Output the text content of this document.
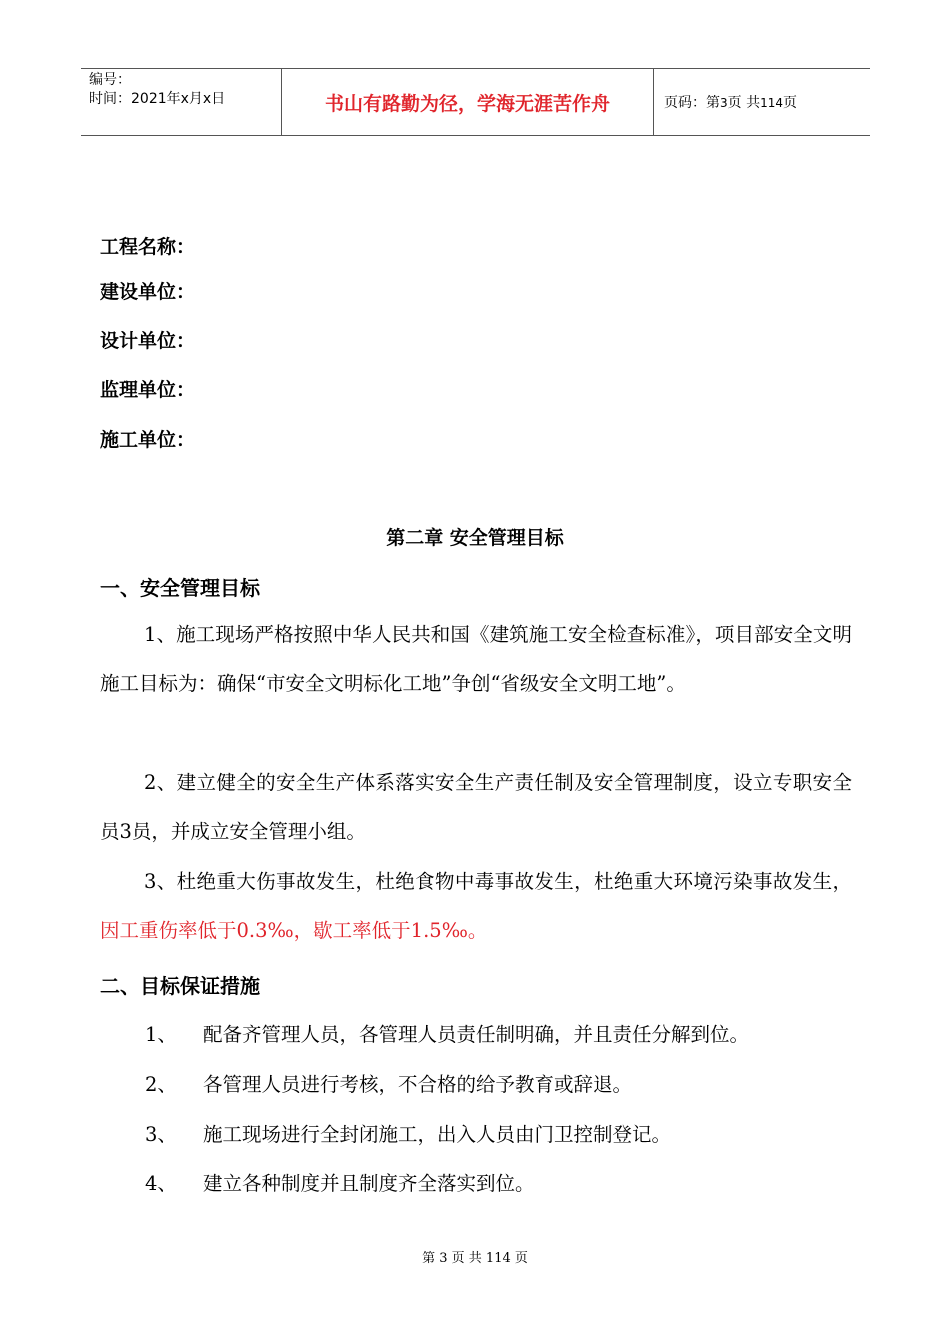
编号：
时间：2021年x月x日	书山有路勤为径，学海无涯苦作舟	页码：第3页 共114页
工程名称：
建设单位：
设计单位：
监理单位：
施工单位：
第二章 安全管理目标
一、安全管理目标
1、施工现场严格按照中华人民共和国《建筑施工安全检查标准》，项目部安全文明施工目标为：确保“市安全文明标化工地”争创“省级安全文明工地”。
2、建立健全的安全生产体系落实安全生产责任制及安全管理制度，设立专职安全员3员，并成立安全管理小组。
3、杜绝重大伤事故发生，杜绝食物中毒事故发生，杜绝重大环境污染事故发生，因工重伤率低于0.3‰，歇工率低于1.5‰。
二、目标保证措施
1、 配备齐管理人员，各管理人员责任制明确，并且责任分解到位。
2、 各管理人员进行考核，不合格的给予教育或辞退。
3、 施工现场进行全封闭施工，出入人员由门卫控制登记。
4、 建立各种制度并且制度齐全落实到位。
第 3 页 共 114 页
